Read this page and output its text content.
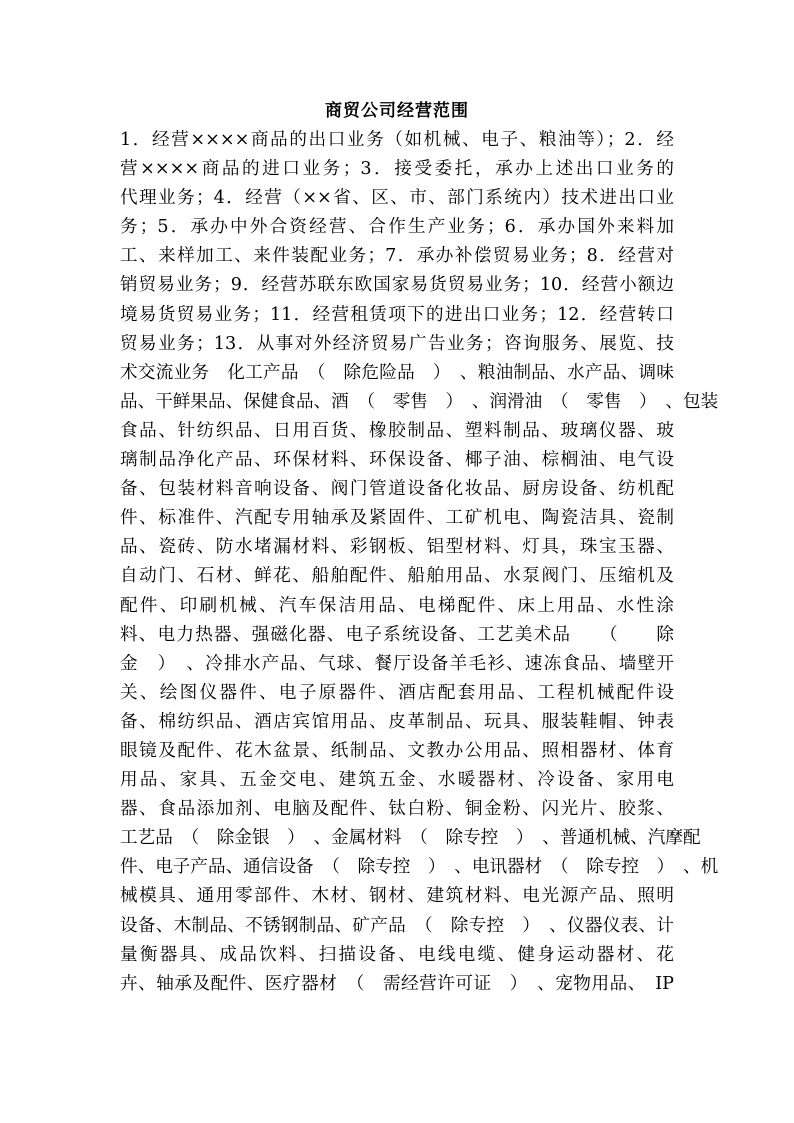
商贸公司经营范围
1．经营××××商品的出口业务（如机械、电子、粮油等）；2．经
营××××商品的进口业务；3．接受委托，承办上述出口业务的
代理业务；4．经营（××省、区、市、部门系统内）技术进出口业
务；5．承办中外合资经营、合作生产业务；6．承办国外来料加
工、来样加工、来件装配业务；7．承办补偿贸易业务；8．经营对
销贸易业务；9．经营苏联东欧国家易货贸易业务；10．经营小额边
境易货贸易业务；11．经营租赁项下的进出口业务；12．经营转口
贸易业务；13．从事对外经济贸易广告业务；咨询服务、展览、技
术交流业务　化工产品　（　除危险品　）　、粮油制品、水产品、调味
品、干鲜果品、保健食品、酒　（　零售　）　、润滑油　（　零售　）　、包装
食品、针纺织品、日用百货、橡胶制品、塑料制品、玻璃仪器、玻
璃制品净化产品、环保材料、环保设备、椰子油、棕榈油、电气设
备、包装材料音响设备、阀门管道设备化妆品、厨房设备、纺机配
件、标准件、汽配专用轴承及紧固件、工矿机电、陶瓷洁具、瓷制
品、瓷砖、防水堵漏材料、彩钢板、铝型材料、灯具，珠宝玉器、
自动门、石材、鲜花、船舶配件、船舶用品、水泵阀门、压缩机及
配件、印刷机械、汽车保洁用品、电梯配件、床上用品、水性涂
料、电力热器、强磁化器、电子系统设备、工艺美术品　　（　　除
金　）　、冷排水产品、气球、餐厅设备羊毛衫、速冻食品、墙壁开
关、绘图仪器件、电子原器件、酒店配套用品、工程机械配件设
备、棉纺织品、酒店宾馆用品、皮革制品、玩具、服装鞋帽、钟表
眼镜及配件、花木盆景、纸制品、文教办公用品、照相器材、体育
用品、家具、五金交电、建筑五金、水暖器材、冷设备、家用电
器、食品添加剂、电脑及配件、钛白粉、铜金粉、闪光片、胶浆、
工艺品　（　除金银　）　、金属材料　（　除专控　）　、普通机械、汽摩配
件、电子产品、通信设备　（　除专控　）　、电讯器材　（　除专控　）　、机
械模具、通用零部件、木材、钢材、建筑材料、电光源产品、照明
设备、木制品、不锈钢制品、矿产品　（　除专控　）　、仪器仪表、计
量衡器具、成品饮料、扫描设备、电线电缆、健身运动器材、花
卉、轴承及配件、医疗器材　（　需经营许可证　）　、宠物用品、　IP
